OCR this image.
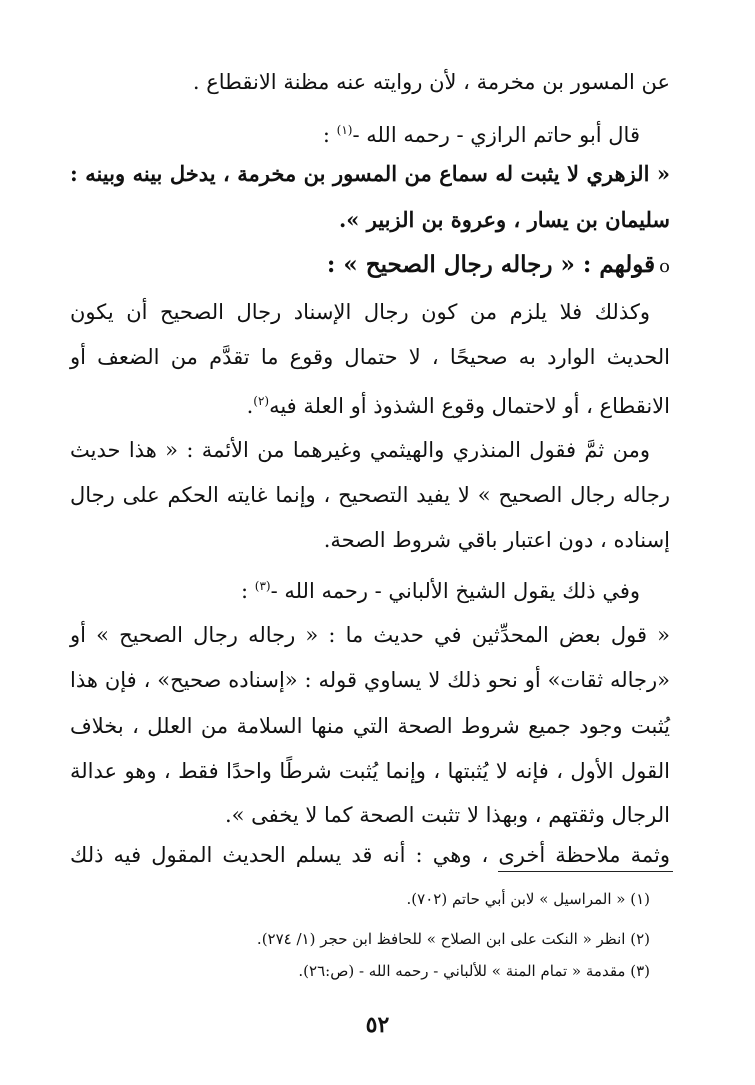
عن المسور بن مخرمة ، لأن روايته عنه مظنة الانقطاع .
قال أبو حاتم الرازي - رحمه الله -$^{(١)}$ :
« الزهري لا يثبت له سماع من المسور بن مخرمة ، يدخل بينه وبينه :
سليمان بن يسار ، وعروة بن الزبير ».
oقولهم : « رجاله رجال الصحيح » :
وكذلك فلا يلزم من كون رجال الإسناد رجال الصحيح أن يكون
الحديث الوارد به صحيحًا ، لا حتمال وقوع ما تقدَّم من الضعف أو
الانقطاع ، أو لاحتمال وقوع الشذوذ أو العلة فيه$^{(٢)}$.
ومن ثمَّ فقول المنذري والهيثمي وغيرهما من الأئمة : « هذا حديث
رجاله رجال الصحيح » لا يفيد التصحيح ، وإنما غايته الحكم على رجال
إسناده ، دون اعتبار باقي شروط الصحة.
وفي ذلك يقول الشيخ الألباني - رحمه الله -$^{(٣)}$ :
« قول بعض المحدِّثين في حديث ما : « رجاله رجال الصحيح » أو
«رجاله ثقات» أو نحو ذلك لا يساوي قوله : «إسناده صحيح» ، فإن هذا
يُثبت وجود جميع شروط الصحة التي منها السلامة من العلل ، بخلاف
القول الأول ، فإنه لا يُثبتها ، وإنما يُثبت شرطًا واحدًا فقط ، وهو عدالة
الرجال وثقتهم ، وبهذا لا تثبت الصحة كما لا يخفى ».
وثمة ملاحظة أخرى ، وهي : أنه قد يسلم الحديث المقول فيه ذلك
(١) « المراسيل » لابن أبي حاتم (٧٠٢).
(٢) انظر « النكت على ابن الصلاح » للحافظ ابن حجر (١/ ٢٧٤).
(٣) مقدمة « تمام المنة » للألباني - رحمه الله - (ص:٢٦).
٥٢
